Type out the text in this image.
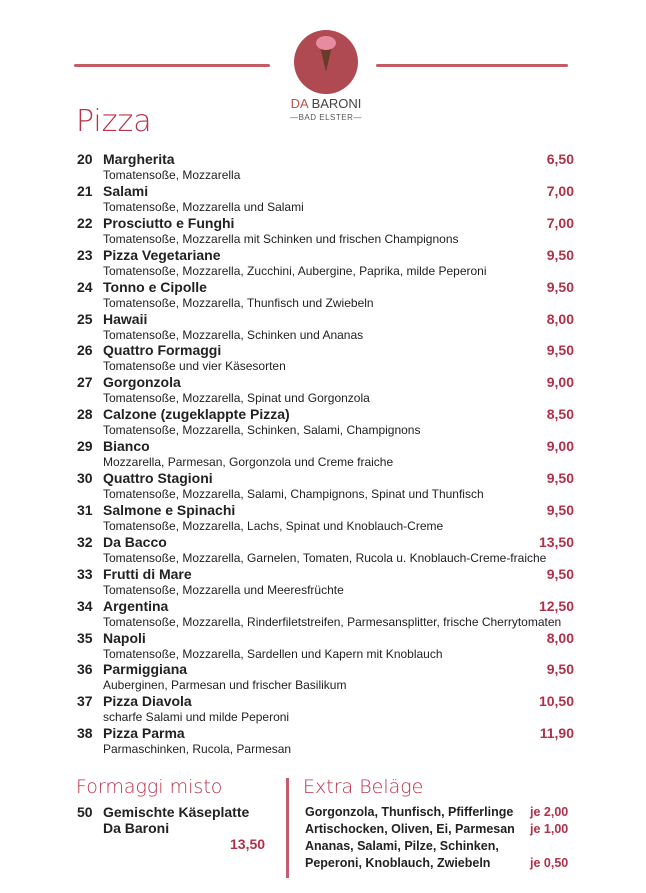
DA BARONI
—BAD ELSTER—
Pizza
20 Margherita
Tomatensoße, Mozzarella
6,50
21 Salami
Tomatensoße, Mozzarella und Salami
7,00
22 Prosciutto e Funghi
Tomatensoße, Mozzarella mit Schinken und frischen Champignons
7,00
23 Pizza Vegetariane
Tomatensoße, Mozzarella, Zucchini, Aubergine, Paprika, milde Peperoni
9,50
24 Tonno e Cipolle
Tomatensoße, Mozzarella, Thunfisch und Zwiebeln
9,50
25 Hawaii
Tomatensoße, Mozzarella, Schinken und Ananas
8,00
26 Quattro Formaggi
Tomatensoße und vier Käsesorten
9,50
27 Gorgonzola
Tomatensoße, Mozzarella, Spinat und Gorgonzola
9,00
28 Calzone (zugeklappte Pizza)
Tomatensoße, Mozzarella, Schinken, Salami, Champignons
8,50
29 Bianco
Mozzarella, Parmesan, Gorgonzola und Creme fraiche
9,00
30 Quattro Stagioni
Tomatensoße, Mozzarella, Salami, Champignons, Spinat und Thunfisch
9,50
31 Salmone e Spinachi
Tomatensoße, Mozzarella, Lachs, Spinat und Knoblauch-Creme
9,50
32 Da Bacco
Tomatensoße, Mozzarella, Garnelen, Tomaten, Rucola u. Knoblauch-Creme-fraiche
13,50
33 Frutti di Mare
Tomatensoße, Mozzarella und Meeresfrüchte
9,50
34 Argentina
Tomatensoße, Mozzarella, Rinderfiletstreifen, Parmesansplitter, frische Cherrytomaten
12,50
35 Napoli
Tomatensoße, Mozzarella, Sardellen und Kapern mit Knoblauch
8,00
36 Parmiggiana
Auberginen, Parmesan und frischer Basilikum
9,50
37 Pizza Diavola
scharfe Salami und milde Peperoni
10,50
38 Pizza Parma
Parmaschinken, Rucola, Parmesan
11,90
Formaggi misto
50 Gemischte Käseplatte
Da Baroni
13,50
Extra Beläge
Gorgonzola, Thunfisch, Pfifferlinge je 2,00
Artischocken, Oliven, Ei, Parmesan je 1,00
Ananas, Salami, Pilze, Schinken,
Peperoni, Knoblauch, Zwiebeln	je 0,50
